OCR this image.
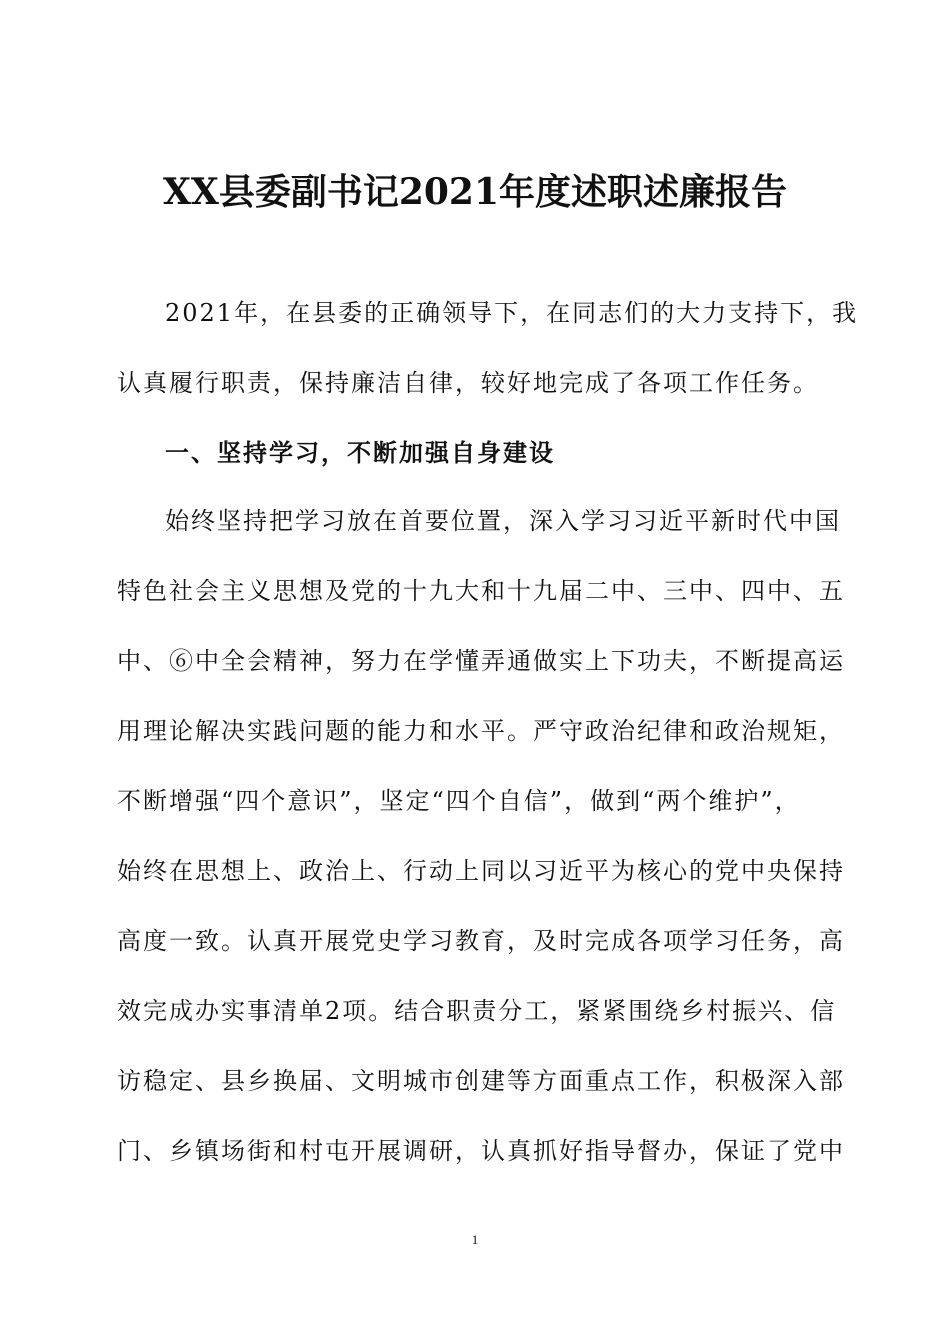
XX县委副书记2021年度述职述廉报告
2021年，在县委的正确领导下，在同志们的大力支持下，我
认真履行职责，保持廉洁自律，较好地完成了各项工作任务。
一、坚持学习，不断加强自身建设
始终坚持把学习放在首要位置，深入学习习近平新时代中国
特色社会主义思想及党的十九大和十九届二中、三中、四中、五
中、⑥中全会精神，努力在学懂弄通做实上下功夫，不断提高运
用理论解决实践问题的能力和水平。严守政治纪律和政治规矩，
不断增强“四个意识”，坚定“四个自信”，做到“两个维护”，
始终在思想上、政治上、行动上同以习近平为核心的党中央保持
高度一致。认真开展党史学习教育，及时完成各项学习任务，高
效完成办实事清单2项。结合职责分工，紧紧围绕乡村振兴、信
访稳定、县乡换届、文明城市创建等方面重点工作，积极深入部
门、乡镇场街和村屯开展调研，认真抓好指导督办，保证了党中
1
